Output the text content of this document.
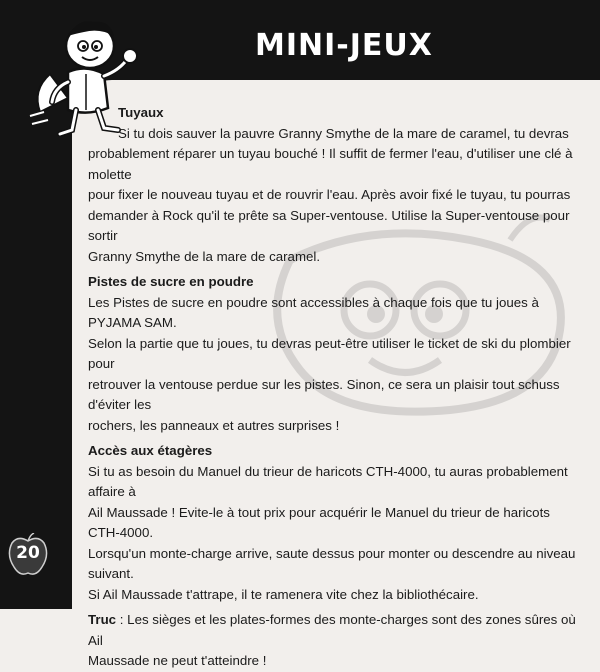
MINI-JEUX

Tuyaux

Si tu dois sauver la pauvre Granny Smythe de la mare de caramel, tu devras

probablement réparer un tuyau bouché ! Il suffit de fermer l'eau, d'utiliser une clé à molette

pour fixer le nouveau tuyau et de rouvrir l'eau. Après avoir fixé le tuyau, tu pourras

demander à Rock qu'il te prête sa Super-ventouse. Utilise la Super-ventouse pour sortir

Granny Smythe de la mare de caramel.

Pistes de sucre en poudre

Les Pistes de sucre en poudre sont accessibles à chaque fois que tu joues à PYJAMA SAM.

Selon la partie que tu joues, tu devras peut-être utiliser le ticket de ski du plombier pour

retrouver la ventouse perdue sur les pistes. Sinon, ce sera un plaisir tout schuss d'éviter les

rochers, les panneaux et autres surprises !

Accès aux étagères

Si tu as besoin du Manuel du trieur de haricots CTH-4000, tu auras probablement affaire à

Ail Maussade ! Evite-le à tout prix pour acquérir le Manuel du trieur de haricots CTH-4000.

Lorsqu'un monte-charge arrive, saute dessus pour monter ou descendre au niveau suivant.

Si Ail Maussade t'attrape, il te ramenera vite chez la bibliothécaire.

Truc : Les sièges et les plates-formes des monte-charges sont des zones sûres où Ail

Maussade ne peut t'atteindre !

20
